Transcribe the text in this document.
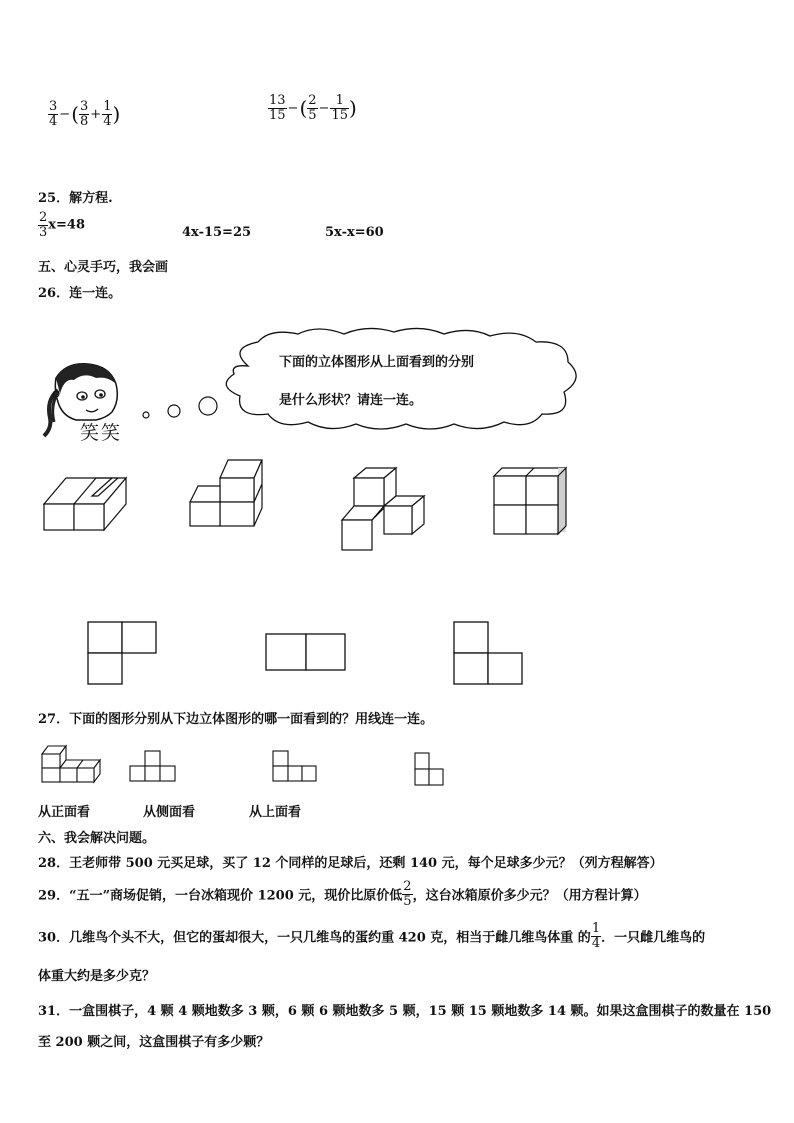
$\frac{3}{4}$ −( $\frac{3}{8} + \frac{1}{4}$ )	$\frac{13}{15}$ −( $\frac{2}{5} - \frac{1}{15}$ )
25．解方程.
$\frac{2}{3} x=48$	4x-15=25	5x-x=60
五、心灵手巧，我会画
26．连一连。
笑笑
下面的立体图形从上面看到的分别
是什么形状？请连一连。
27．下面的图形分别从下边立体图形的哪一面看到的？用线连一连。
从正面看	从侧面看	从上面看
六、我会解决问题。
28．王老师带 500 元买足球，买了 12 个同样的足球后，还剩 140 元，每个足球多少元？（列方程解答）
29．“五一”商场促销，一台冰箱现价 1200 元，现价比原价低 $\frac{2}{5}$ ，这台冰箱原价多少元？（用方程计算）
30．几维鸟个头不大，但它的蛋却很大，一只几维鸟的蛋约重 420 克，相当于雌几维鸟体重 的 $\frac{1}{4}$ ．一只雌几维鸟的
体重大约是多少克？
31．一盒围棋子，4 颗 4 颗地数多 3 颗，6 颗 6 颗地数多 5 颗，15 颗 15 颗地数多 14 颗。如果这盒围棋子的数量在 150
至 200 颗之间，这盒围棋子有多少颗？
